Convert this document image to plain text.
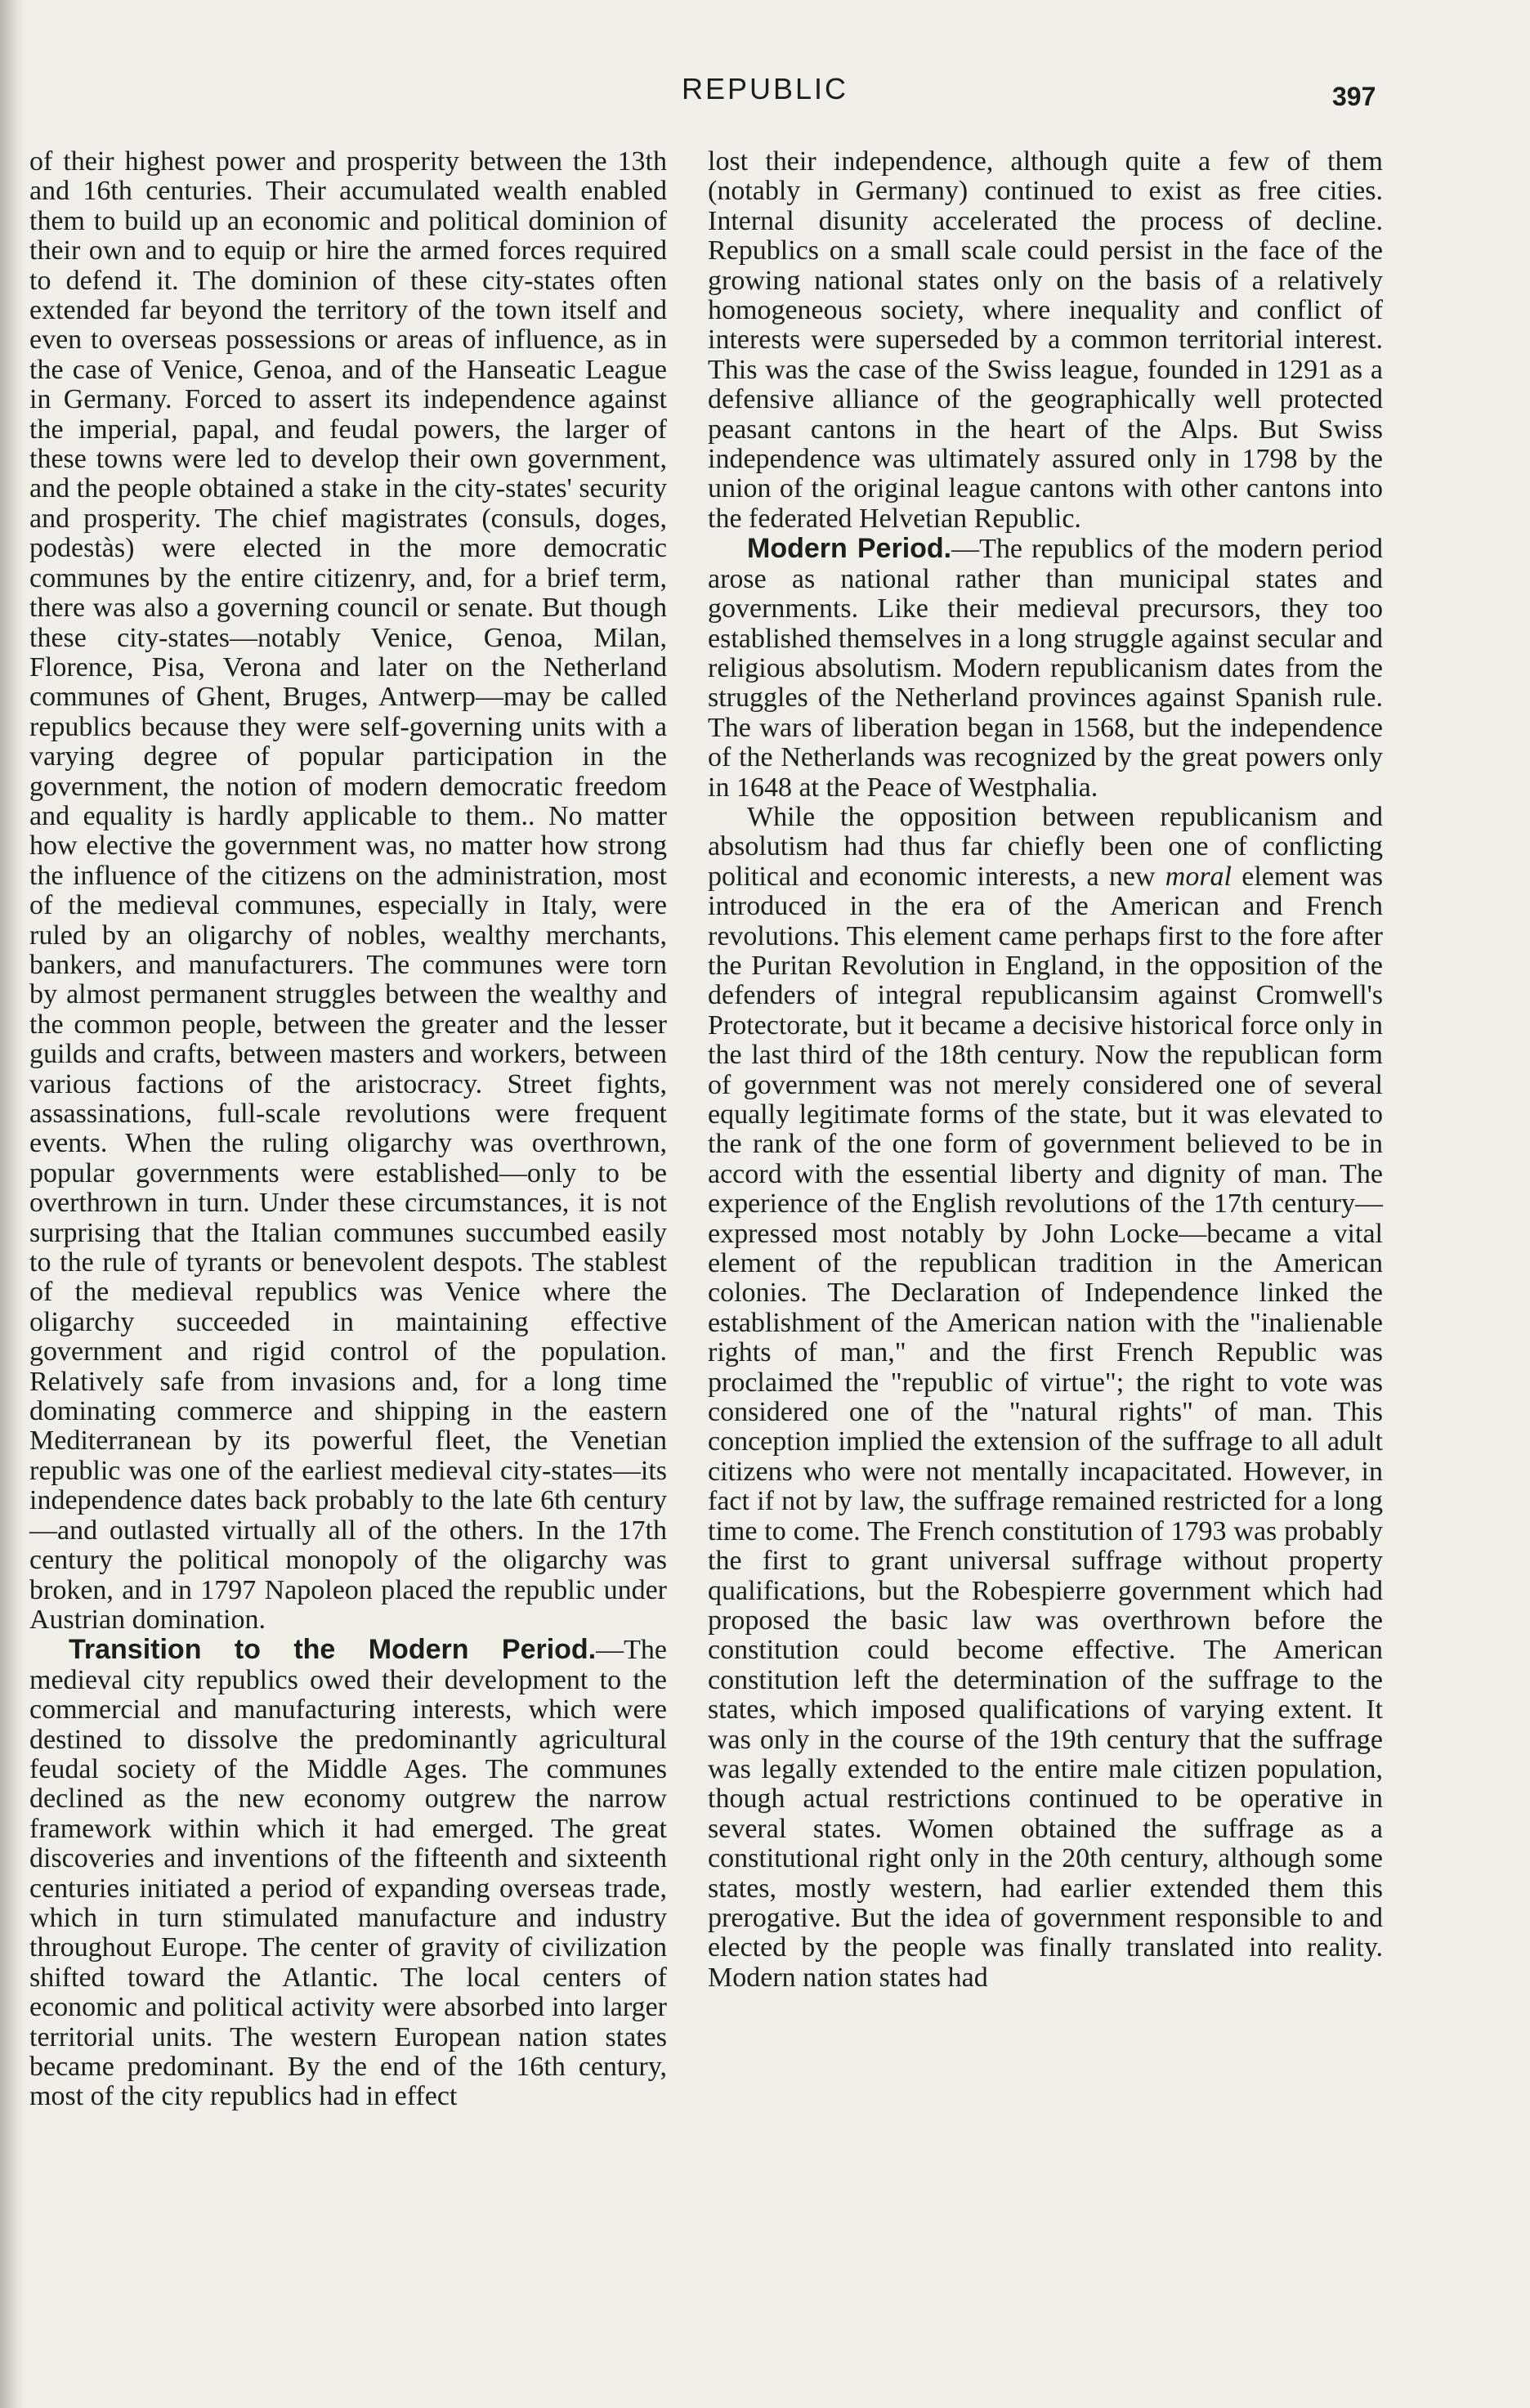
REPUBLIC	397

of their highest power and prosperity between the 13th and 16th centuries. Their accumulated wealth enabled them to build up an economic and political dominion of their own and to equip or hire the armed forces required to defend it. The dominion of these city-states often extended far beyond the territory of the town itself and even to overseas possessions or areas of influence, as in the case of Venice, Genoa, and of the Hanseatic League in Germany. Forced to assert its independence against the imperial, papal, and feudal powers, the larger of these towns were led to develop their own government, and the people obtained a stake in the city-states' security and prosperity. The chief magistrates (consuls, doges, podestàs) were elected in the more democratic communes by the entire citizenry, and, for a brief term, there was also a governing council or senate. But though these city-states—notably Venice, Genoa, Milan, Florence, Pisa, Verona and later on the Netherland communes of Ghent, Bruges, Antwerp—may be called republics because they were self-governing units with a varying degree of popular participation in the government, the notion of modern democratic freedom and equality is hardly applicable to them.. No matter how elective the government was, no matter how strong the influence of the citizens on the administration, most of the medieval communes, especially in Italy, were ruled by an oligarchy of nobles, wealthy merchants, bankers, and manufacturers. The communes were torn by almost permanent struggles between the wealthy and the common people, between the greater and the lesser guilds and crafts, between masters and workers, between various factions of the aristocracy. Street fights, assassinations, full-scale revolutions were frequent events. When the ruling oligarchy was overthrown, popular governments were established—only to be overthrown in turn. Under these circumstances, it is not surprising that the Italian communes succumbed easily to the rule of tyrants or benevolent despots. The stablest of the medieval republics was Venice where the oligarchy succeeded in maintaining effective government and rigid control of the population. Relatively safe from invasions and, for a long time dominating commerce and shipping in the eastern Mediterranean by its powerful fleet, the Venetian republic was one of the earliest medieval city-states—its independence dates back probably to the late 6th century—and outlasted virtually all of the others. In the 17th century the political monopoly of the oligarchy was broken, and in 1797 Napoleon placed the republic under Austrian domination.

Transition to the Modern Period.—The medieval city republics owed their development to the commercial and manufacturing interests, which were destined to dissolve the predominantly agricultural feudal society of the Middle Ages. The communes declined as the new economy outgrew the narrow framework within which it had emerged. The great discoveries and inventions of the fifteenth and sixteenth centuries initiated a period of expanding overseas trade, which in turn stimulated manufacture and industry throughout Europe. The center of gravity of civilization shifted toward the Atlantic. The local centers of economic and political activity were absorbed into larger territorial units. The western European nation states became predominant. By the end of the 16th century, most of the city republics had in effect

lost their independence, although quite a few of them (notably in Germany) continued to exist as free cities. Internal disunity accelerated the process of decline. Republics on a small scale could persist in the face of the growing national states only on the basis of a relatively homogeneous society, where inequality and conflict of interests were superseded by a common territorial interest. This was the case of the Swiss league, founded in 1291 as a defensive alliance of the geographically well protected peasant cantons in the heart of the Alps. But Swiss independence was ultimately assured only in 1798 by the union of the original league cantons with other cantons into the federated Helvetian Republic.

Modern Period.—The republics of the modern period arose as national rather than municipal states and governments. Like their medieval precursors, they too established themselves in a long struggle against secular and religious absolutism. Modern republicanism dates from the struggles of the Netherland provinces against Spanish rule. The wars of liberation began in 1568, but the independence of the Netherlands was recognized by the great powers only in 1648 at the Peace of Westphalia.

While the opposition between republicanism and absolutism had thus far chiefly been one of conflicting political and economic interests, a new moral element was introduced in the era of the American and French revolutions. This element came perhaps first to the fore after the Puritan Revolution in England, in the opposition of the defenders of integral republicansim against Cromwell's Protectorate, but it became a decisive historical force only in the last third of the 18th century. Now the republican form of government was not merely considered one of several equally legitimate forms of the state, but it was elevated to the rank of the one form of government believed to be in accord with the essential liberty and dignity of man. The experience of the English revolutions of the 17th century—expressed most notably by John Locke—became a vital element of the republican tradition in the American colonies. The Declaration of Independence linked the establishment of the American nation with the "inalienable rights of man," and the first French Republic was proclaimed the "republic of virtue"; the right to vote was considered one of the "natural rights" of man. This conception implied the extension of the suffrage to all adult citizens who were not mentally incapacitated. However, in fact if not by law, the suffrage remained restricted for a long time to come. The French constitution of 1793 was probably the first to grant universal suffrage without property qualifications, but the Robespierre government which had proposed the basic law was overthrown before the constitution could become effective. The American constitution left the determination of the suffrage to the states, which imposed qualifications of varying extent. It was only in the course of the 19th century that the suffrage was legally extended to the entire male citizen population, though actual restrictions continued to be operative in several states. Women obtained the suffrage as a constitutional right only in the 20th century, although some states, mostly western, had earlier extended them this prerogative. But the idea of government responsible to and elected by the people was finally translated into reality. Modern nation states had
